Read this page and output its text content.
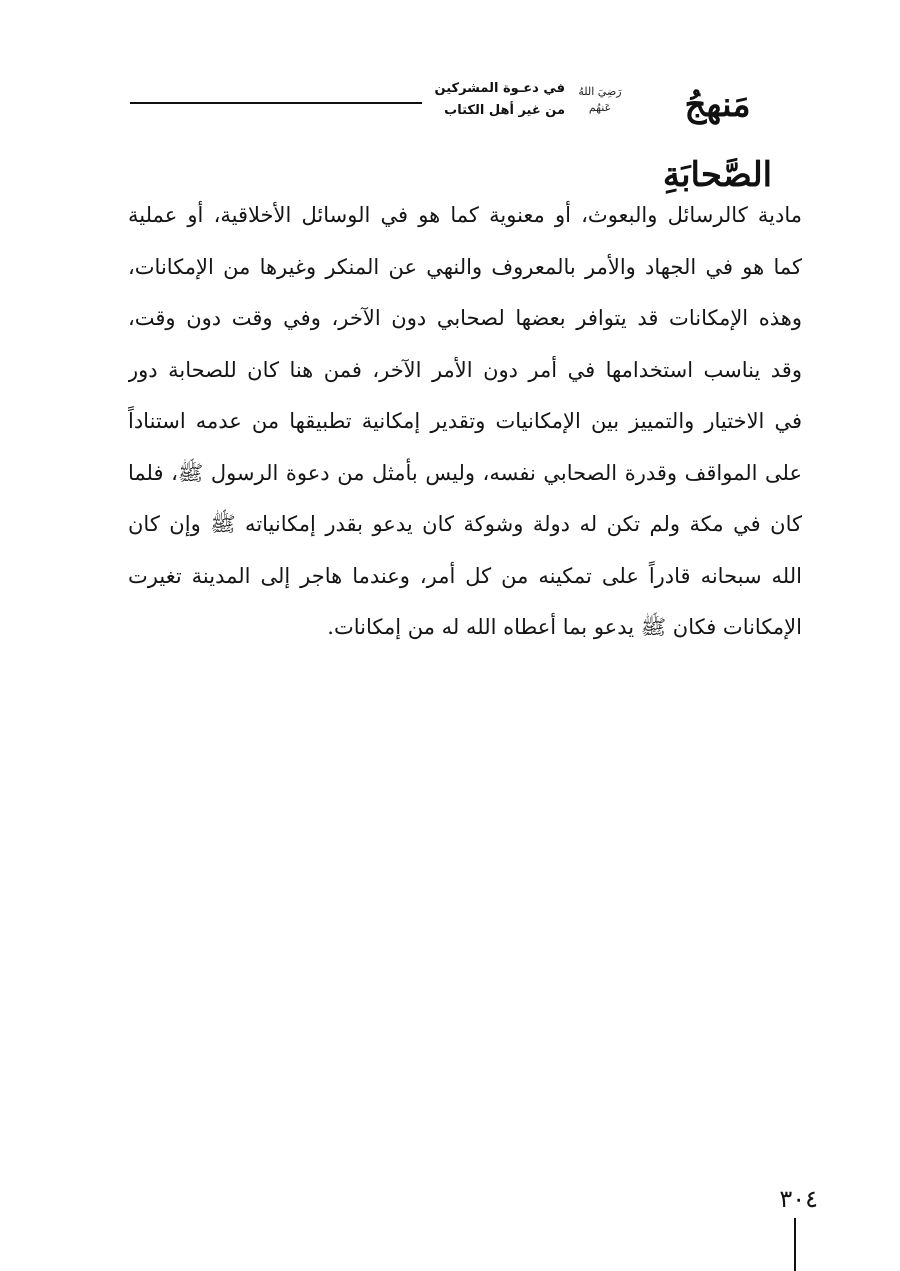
في دعـوة المشركين
من غير أهل الكتاب
رَضِيَ اللهُ عَنهُم	مَنهجُ الصَّحابَةِ
مادية كالرسائل والبعوث، أو معنوية كما هو في الوسائل الأخلاقية، أو عملية
كما هو في الجهاد والأمر بالمعروف والنهي عن المنكر وغيرها من الإمكانات،
وهذه الإمكانات قد يتوافر بعضها لصحابي دون الآخر، وفي وقت دون وقت،
وقد يناسب استخدامها في أمر دون الأمر الآخر، فمن هنا كان للصحابة دور
في الاختيار والتمييز بين الإمكانيات وتقدير إمكانية تطبيقها من عدمه استناداً
على المواقف وقدرة الصحابي نفسه، وليس بأمثل من دعوة الرسول ﷺ، فلما
كان في مكة ولم تكن له دولة وشوكة كان يدعو بقدر إمكانياته ﷺ وإن كان
الله سبحانه قادراً على تمكينه من كل أمر، وعندما هاجر إلى المدينة تغيرت
الإمكانات فكان ﷺ يدعو بما أعطاه الله له من إمكانات.
٣٠٤
